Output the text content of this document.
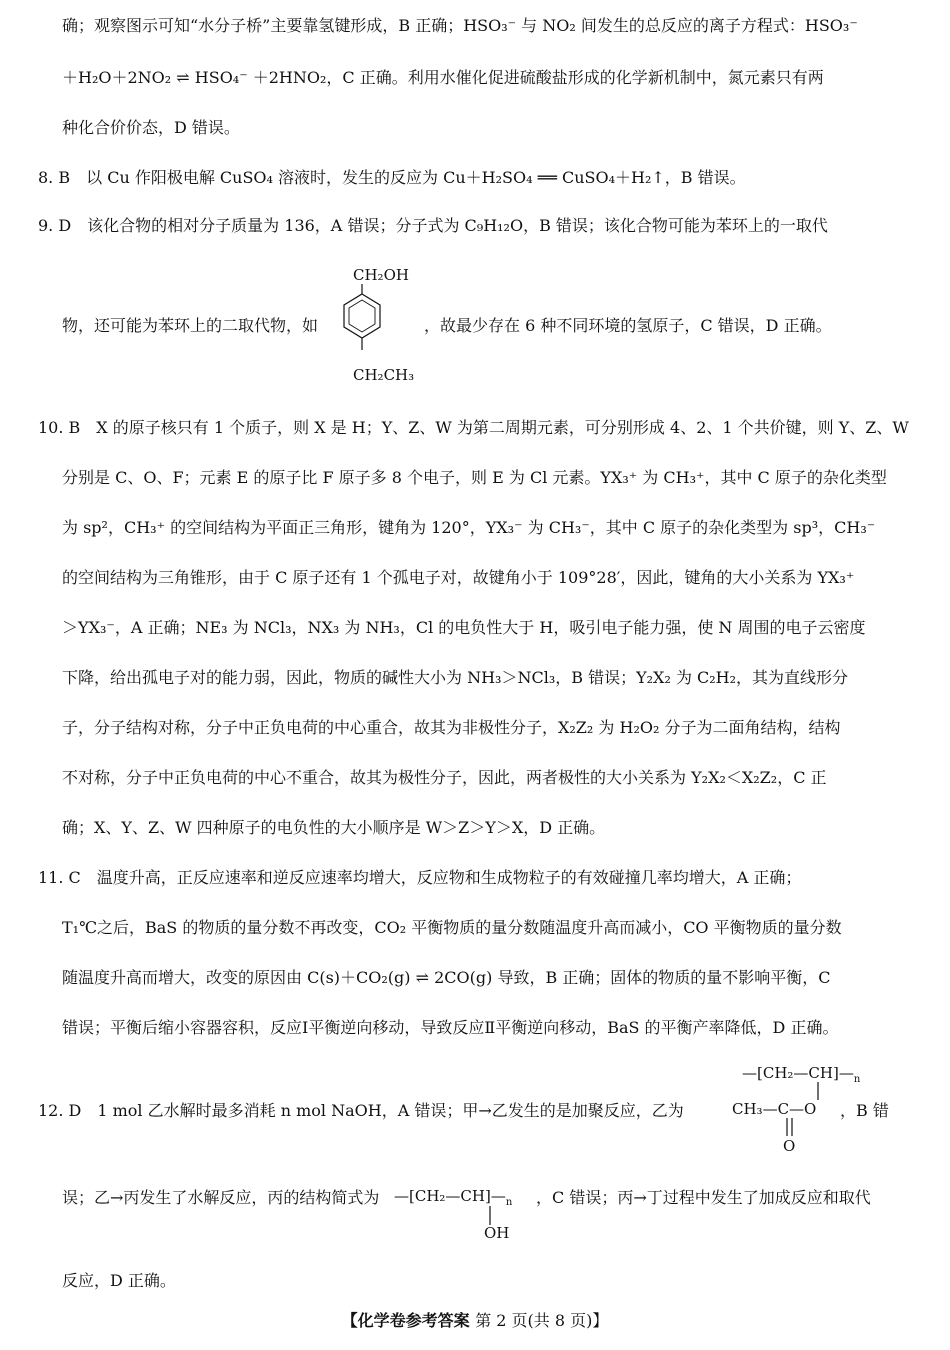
确；观察图示可知“水分子桥”主要靠氢键形成，B 正确；HSO₃⁻ 与 NO₂ 间发生的总反应的离子方程式：HSO₃⁻
＋H₂O＋2NO₂ ⇌ HSO₄⁻ ＋2HNO₂，C 正确。利用水催化促进硫酸盐形成的化学新机制中，氮元素只有两
种化合价价态，D 错误。
8. B　以 Cu 作阳极电解 CuSO₄ 溶液时，发生的反应为 Cu＋H₂SO₄ ══ CuSO₄＋H₂↑，B 错误。
9. D　该化合物的相对分子质量为 136，A 错误；分子式为 C₉H₁₂O，B 错误；该化合物可能为苯环上的一取代
物，还可能为苯环上的二取代物，如
CH₂OH
CH₂CH₃
，故最少存在 6 种不同环境的氢原子，C 错误，D 正确。
10. B　X 的原子核只有 1 个质子，则 X 是 H；Y、Z、W 为第二周期元素，可分别形成 4、2、1 个共价键，则 Y、Z、W
分别是 C、O、F；元素 E 的原子比 F 原子多 8 个电子，则 E 为 Cl 元素。YX₃⁺ 为 CH₃⁺，其中 C 原子的杂化类型
为 sp²，CH₃⁺ 的空间结构为平面正三角形，键角为 120°，YX₃⁻ 为 CH₃⁻，其中 C 原子的杂化类型为 sp³，CH₃⁻
的空间结构为三角锥形，由于 C 原子还有 1 个孤电子对，故键角小于 109°28′，因此，键角的大小关系为 YX₃⁺
＞YX₃⁻，A 正确；NE₃ 为 NCl₃，NX₃ 为 NH₃，Cl 的电负性大于 H，吸引电子能力强，使 N 周围的电子云密度
下降，给出孤电子对的能力弱，因此，物质的碱性大小为 NH₃＞NCl₃，B 错误；Y₂X₂ 为 C₂H₂，其为直线形分
子，分子结构对称，分子中正负电荷的中心重合，故其为非极性分子，X₂Z₂ 为 H₂O₂ 分子为二面角结构，结构
不对称，分子中正负电荷的中心不重合，故其为极性分子，因此，两者极性的大小关系为 Y₂X₂＜X₂Z₂，C 正
确；X、Y、Z、W 四种原子的电负性的大小顺序是 W＞Z＞Y＞X，D 正确。
11. C　温度升高，正反应速率和逆反应速率均增大，反应物和生成物粒子的有效碰撞几率均增大，A 正确；
T₁℃之后，BaS 的物质的量分数不再改变，CO₂ 平衡物质的量分数随温度升高而减小，CO 平衡物质的量分数
随温度升高而增大，改变的原因由 C(s)＋CO₂(g) ⇌ 2CO(g) 导致，B 正确；固体的物质的量不影响平衡，C
错误；平衡后缩小容器容积，反应Ⅰ平衡逆向移动，导致反应Ⅱ平衡逆向移动，BaS 的平衡产率降低，D 正确。
12. D　1 mol 乙水解时最多消耗 n mol NaOH，A 错误；甲→乙发生的是加聚反应，乙为
$—[CH_2—CH]—_n$
CH₃—C—O
O
，B 错
误；乙→丙发生了水解反应，丙的结构简式为 $—[CH_2—CH]—_n$
OH
，C 错误；丙→丁过程中发生了加成反应和取代
反应，D 正确。
【化学卷参考答案 第 2 页(共 8 页)】
